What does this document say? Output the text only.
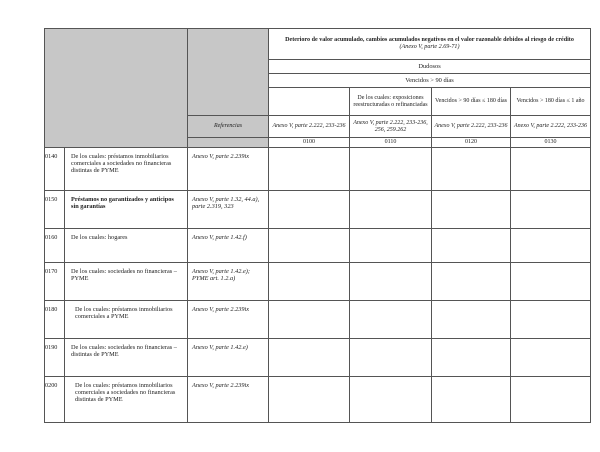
			Deterioro de valor acumulado, cambios acumulados negativos en el valor razonable debidos al riesgo de crédito
(Anexo V, parte 2.69-71)			

			Dudosos			
			Vencidos > 90 días			
				De los cuales: exposiciones reestructuradas o refinanciadas	Vencidos > 90 días ≤ 180 días	Vencidos > 180 días ≤ 1 año
		Referencias	Anexo V, parte 2.222, 233-236	Anexo V, parte 2.222, 233-236, 256, 259.262	Anexo V, parte 2.222, 233-236	Anexo V, parte 2.222, 233-236
			0100	0110	0120	0130
0140	De los cuales: préstamos inmobiliarios comerciales a sociedades no financieras distintas de PYME	Anexo V, parte 2.239ix				
0150	Préstamos no garantizados y anticipos sin garantías	Anexo V, parte 1.32, 44.a), parte 2.319, 323				
0160	De los cuales: hogares	Anexo V, parte 1.42.f)				
0170	De los cuales: sociedades no financieras – PYME	Anexo V, parte 1.42.e); PYME art. 1.2.a)				
0180	De los cuales: préstamos inmobiliarios comerciales a PYME	Anexo V, parte 2.239ix				
0190	De los cuales: sociedades no financieras – distintas de PYME	Anexo V, parte 1.42.e)				
0200	De los cuales: préstamos inmobiliarios comerciales a sociedades no financieras distintas de PYME	Anexo V, parte 2.239ix				
